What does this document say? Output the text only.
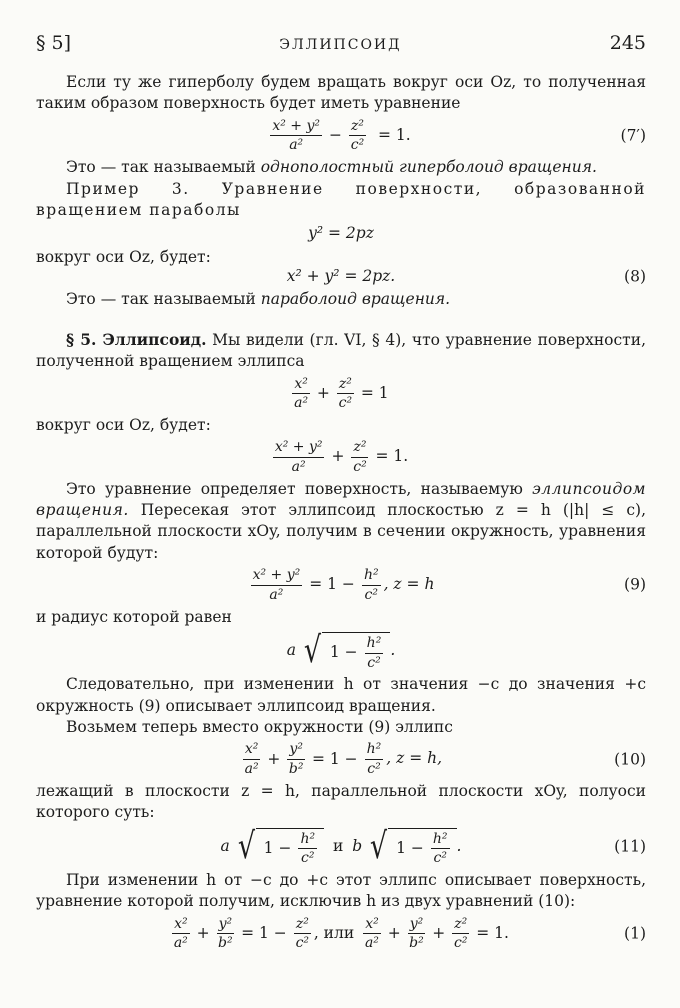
§ 5]	ЭЛЛИПСОИД	245

Если ту же гиперболу будем вращать вокруг оси Oz, то полученная таким образом поверхность будет иметь уравнение

$\frac{\text{x² + y²}}{\text{a²}} - \frac{\text{z²}}{\text{c²}} = 1$.	(7′)

Это — так называемый однополостный гиперболоид вращения.

Пример 3. Уравнение поверхности, образованной вращением параболы

y² = 2pz

вокруг оси Oz, будет:

x² + y² = 2pz.	(8)

Это — так называемый параболоид вращения.

§ 5. Эллипсоид. Мы видели (гл. VI, § 4), что уравнение поверхности, полученной вращением эллипса

$\frac{\text{x²}}{\text{a²}} + \frac{\text{z²}}{\text{c²}} = 1$

вокруг оси Oz, будет:

$\frac{\text{x² + y²}}{\text{a²}} + \frac{\text{z²}}{\text{c²}} = 1$.

Это уравнение определяет поверхность, называемую эллипсоидом вращения. Пересекая этот эллипсоид плоскостью z = h (|h| ≤ c), параллельной плоскости xOy, получим в сечении окружность, уравнения которой будут:

$\frac{\text{x² + y²}}{\text{a²}} = 1 - \frac{\text{h²}}{\text{c²}}$ , z = h	(9)

и радиус которой равен

a √ $1 - \frac{\text{h²}}{\text{c²}}$ .

Следовательно, при изменении h от значения −c до значения +c окружность (9) описывает эллипсоид вращения.

Возьмем теперь вместо окружности (9) эллипс

$\frac{\text{x²}}{\text{a²}} + \frac{\text{y²}}{\text{b²}} = 1 - \frac{\text{h²}}{\text{c²}}$ , z = h,	(10)

лежащий в плоскости z = h, параллельной плоскости xOy, полуоси которого суть:

a √ $1 - \frac{\text{h²}}{\text{c²}}$ и b √ $1 - \frac{\text{h²}}{\text{c²}}$ .	(11)

При изменении h от −c до +c этот эллипс описывает поверхность, уравнение которой получим, исключив h из двух уравнений (10):

$\frac{\text{x²}}{\text{a²}} + \frac{\text{y²}}{\text{b²}} = 1 - \frac{\text{z²}}{\text{c²}}$ , или $\frac{\text{x²}}{\text{a²}} + \frac{\text{y²}}{\text{b²}} + \frac{\text{z²}}{\text{c²}} = 1$.	(1)
